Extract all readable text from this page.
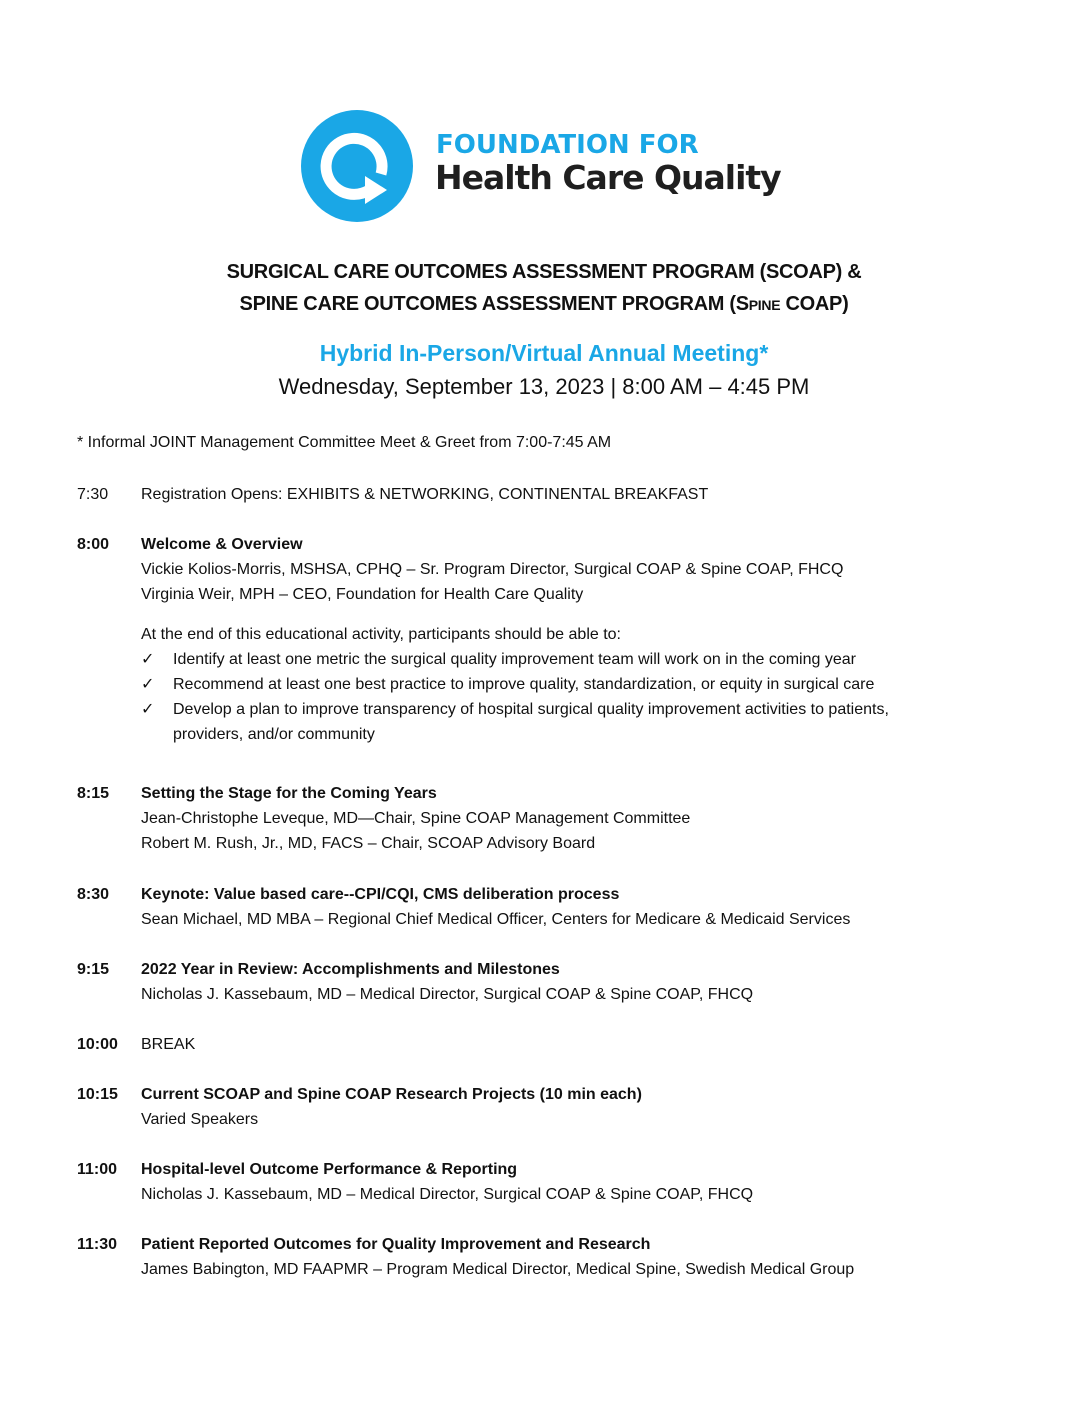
FOUNDATION FOR
Health Care Quality
SURGICAL CARE OUTCOMES ASSESSMENT PROGRAM (SCOAP) &
SPINE CARE OUTCOMES ASSESSMENT PROGRAM (SPINE COAP)
Hybrid In-Person/Virtual Annual Meeting*
Wednesday, September 13, 2023 | 8:00 AM – 4:45 PM
* Informal JOINT Management Committee Meet & Greet from 7:00-7:45 AM
7:30	Registration Opens: EXHIBITS & NETWORKING, CONTINENTAL BREAKFAST
8:00	Welcome & Overview
Vickie Kolios-Morris, MSHSA, CPHQ – Sr. Program Director, Surgical COAP & Spine COAP, FHCQ
Virginia Weir, MPH – CEO, Foundation for Health Care Quality
At the end of this educational activity, participants should be able to:
✓ Identify at least one metric the surgical quality improvement team will work on in the coming year
✓ Recommend at least one best practice to improve quality, standardization, or equity in surgical care
✓ Develop a plan to improve transparency of hospital surgical quality improvement activities to patients,
providers, and/or community
8:15	Setting the Stage for the Coming Years
Jean-Christophe Leveque, MD—Chair, Spine COAP Management Committee
Robert M. Rush, Jr., MD, FACS – Chair, SCOAP Advisory Board
8:30	Keynote: Value based care--CPI/CQI, CMS deliberation process
Sean Michael, MD MBA – Regional Chief Medical Officer, Centers for Medicare & Medicaid Services
9:15	2022 Year in Review: Accomplishments and Milestones
Nicholas J. Kassebaum, MD – Medical Director, Surgical COAP & Spine COAP, FHCQ
10:00	BREAK
10:15	Current SCOAP and Spine COAP Research Projects (10 min each)
Varied Speakers
11:00	Hospital-level Outcome Performance & Reporting
Nicholas J. Kassebaum, MD – Medical Director, Surgical COAP & Spine COAP, FHCQ
11:30	Patient Reported Outcomes for Quality Improvement and Research
James Babington, MD FAAPMR – Program Medical Director, Medical Spine, Swedish Medical Group
